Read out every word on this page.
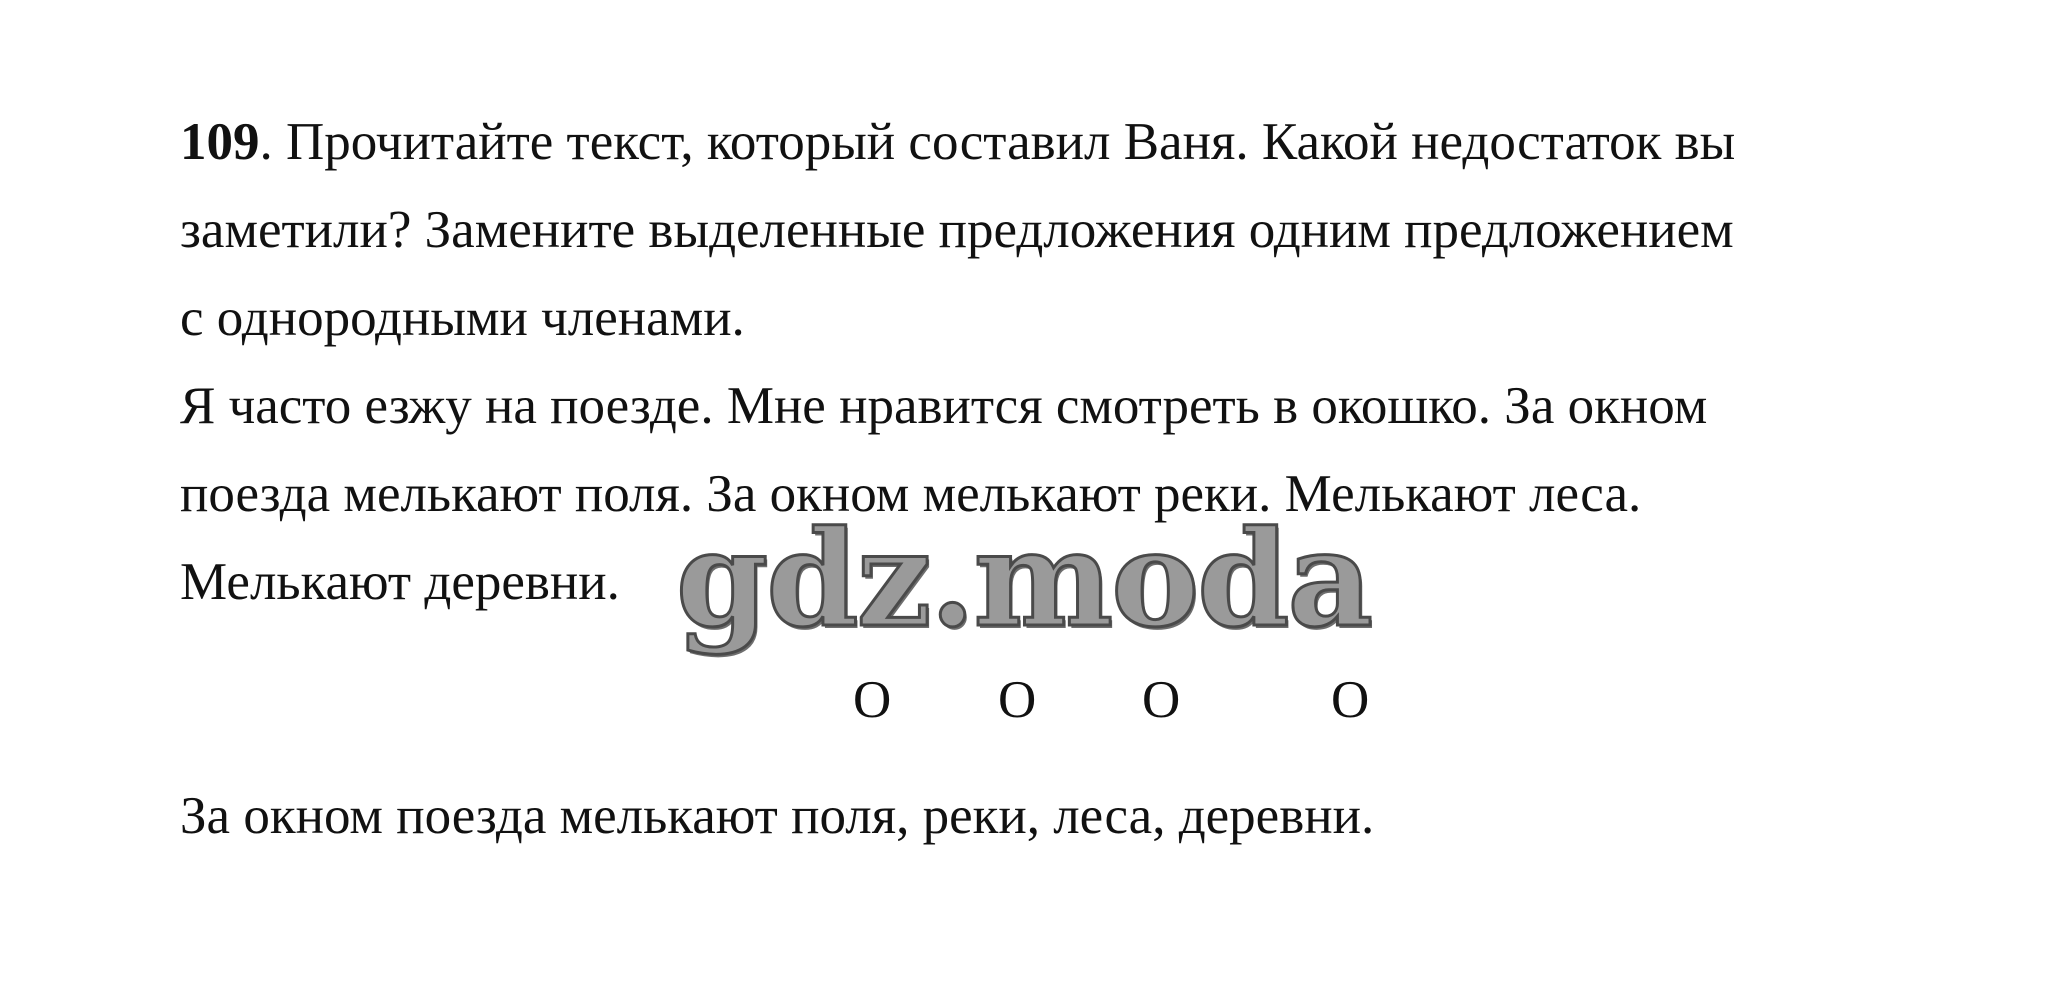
109. Прочитайте текст, который составил Ваня. Какой недостаток вы
заметили? Замените выделенные предложения одним предложением
с однородными членами.
Я часто езжу на поезде. Мне нравится смотреть в окошко. За окном
поезда мелькают поля. За окном мелькают реки. Мелькают леса.
Мелькают деревни. gdz.moda
О О О	О
За окном поезда мелькают поля, реки, леса, деревни.
